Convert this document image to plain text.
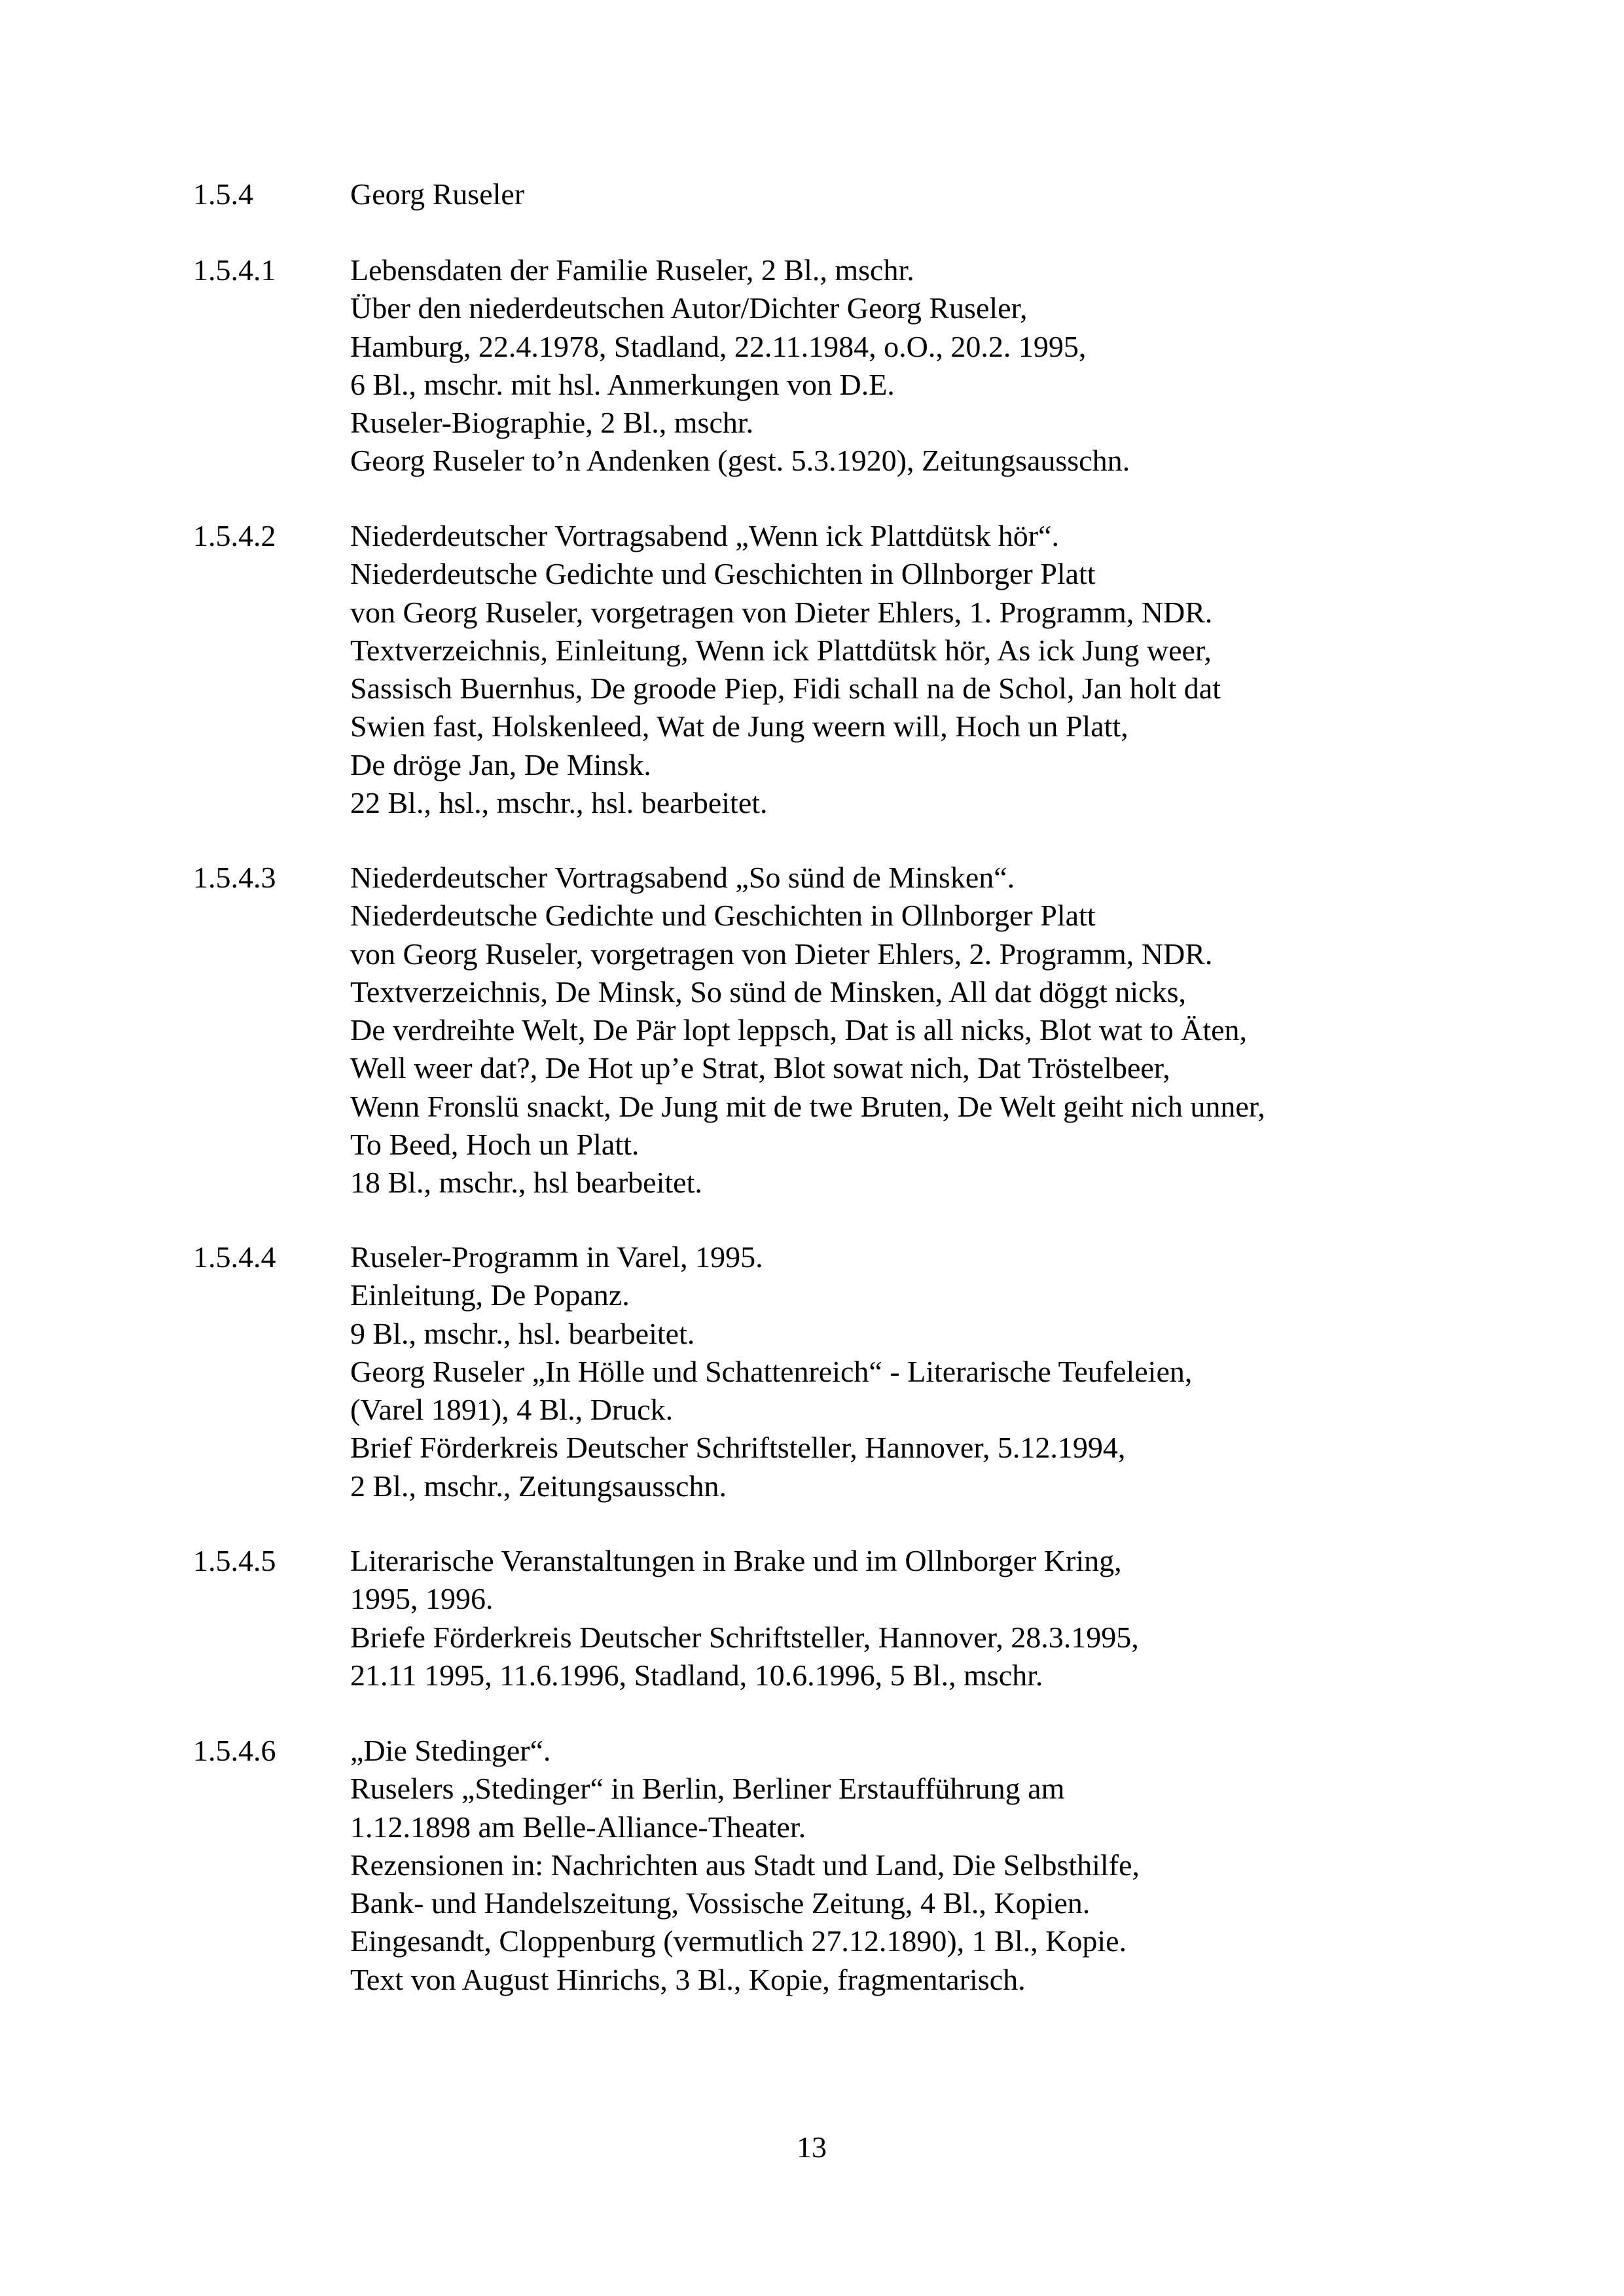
1.5.4	Georg Ruseler
1.5.4.1 Lebensdaten der Familie Ruseler, 2 Bl., mschr.
Über den niederdeutschen Autor/Dichter Georg Ruseler,
Hamburg, 22.4.1978, Stadland, 22.11.1984, o.O., 20.2. 1995,
6 Bl., mschr. mit hsl. Anmerkungen von D.E.
Ruseler-Biographie, 2 Bl., mschr.
Georg Ruseler to’n Andenken (gest. 5.3.1920), Zeitungsausschn.
1.5.4.2 Niederdeutscher Vortragsabend „Wenn ick Plattdütsk hör“.
Niederdeutsche Gedichte und Geschichten in Ollnborger Platt
von Georg Ruseler, vorgetragen von Dieter Ehlers, 1. Programm, NDR.
Textverzeichnis, Einleitung, Wenn ick Plattdütsk hör, As ick Jung weer,
Sassisch Buernhus, De groode Piep, Fidi schall na de Schol, Jan holt dat
Swien fast, Holskenleed, Wat de Jung weern will, Hoch un Platt,
De dröge Jan, De Minsk.
22 Bl., hsl., mschr., hsl. bearbeitet.
1.5.4.3 Niederdeutscher Vortragsabend „So sünd de Minsken“.
Niederdeutsche Gedichte und Geschichten in Ollnborger Platt
von Georg Ruseler, vorgetragen von Dieter Ehlers, 2. Programm, NDR.
Textverzeichnis, De Minsk, So sünd de Minsken, All dat döggt nicks,
De verdreihte Welt, De Pär lopt leppsch, Dat is all nicks, Blot wat to Äten,
Well weer dat?, De Hot up’e Strat, Blot sowat nich, Dat Tröstelbeer,
Wenn Fronslü snackt, De Jung mit de twe Bruten, De Welt geiht nich unner,
To Beed, Hoch un Platt.
18 Bl., mschr., hsl bearbeitet.
1.5.4.4 Ruseler-Programm in Varel, 1995.
Einleitung, De Popanz.
9 Bl., mschr., hsl. bearbeitet.
Georg Ruseler „In Hölle und Schattenreich“ - Literarische Teufeleien,
(Varel 1891), 4 Bl., Druck.
Brief Förderkreis Deutscher Schriftsteller, Hannover, 5.12.1994,
2 Bl., mschr., Zeitungsausschn.
1.5.4.5 Literarische Veranstaltungen in Brake und im Ollnborger Kring,
1995, 1996.
Briefe Förderkreis Deutscher Schriftsteller, Hannover, 28.3.1995,
21.11 1995, 11.6.1996, Stadland, 10.6.1996, 5 Bl., mschr.
1.5.4.6 „Die Stedinger“.
Ruselers „Stedinger“ in Berlin, Berliner Erstaufführung am
1.12.1898 am Belle-Alliance-Theater.
Rezensionen in: Nachrichten aus Stadt und Land, Die Selbsthilfe,
Bank- und Handelszeitung, Vossische Zeitung, 4 Bl., Kopien.
Eingesandt, Cloppenburg (vermutlich 27.12.1890), 1 Bl., Kopie.
Text von August Hinrichs, 3 Bl., Kopie, fragmentarisch.
13
